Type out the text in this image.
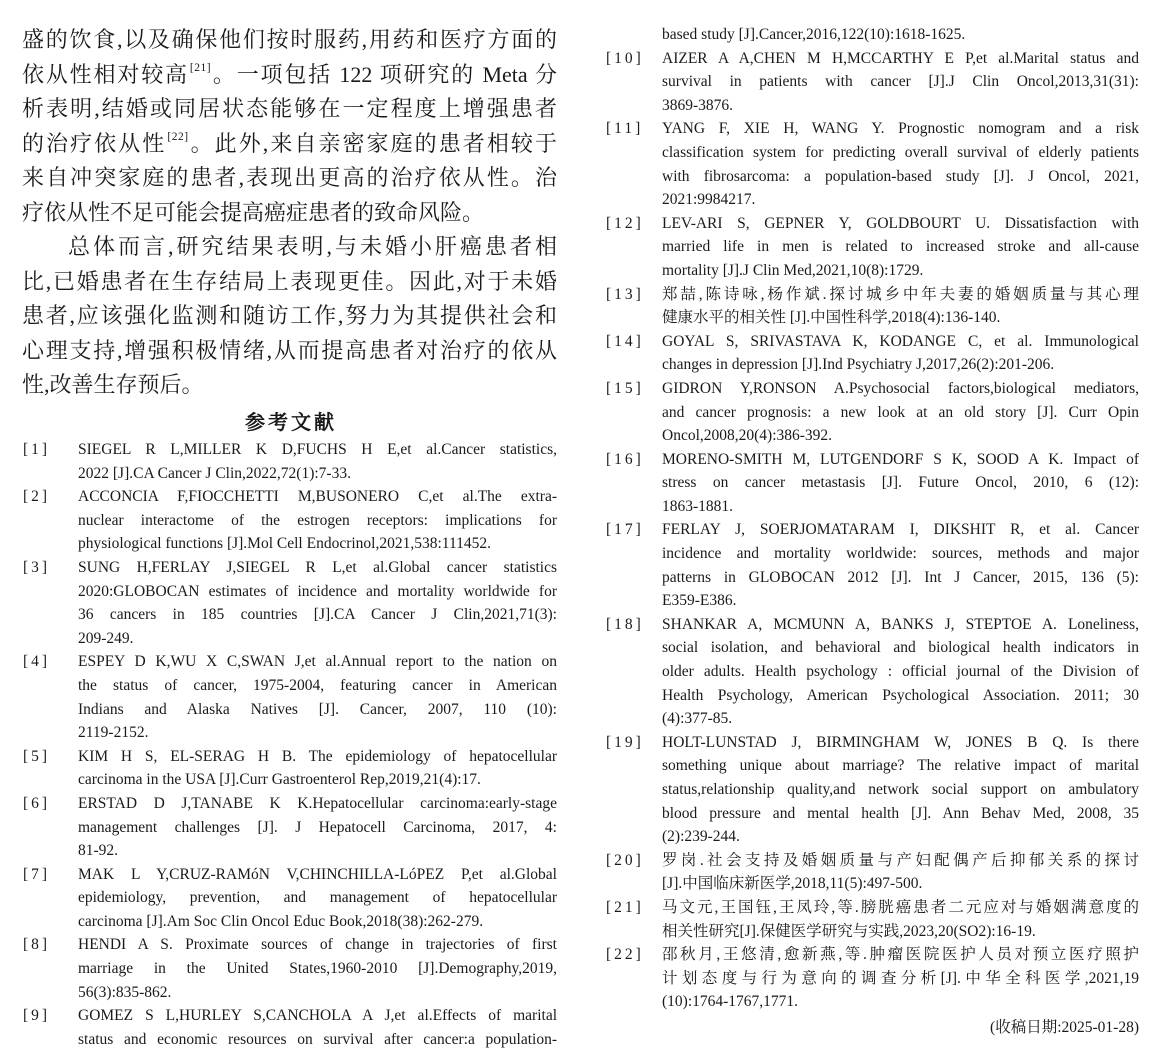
盛的饮食,以及确保他们按时服药,用药和医疗方面的
依从性相对较高[21]。一项包括 122 项研究的 Meta 分
析表明,结婚或同居状态能够在一定程度上增强患者
的治疗依从性[22]。此外,来自亲密家庭的患者相较于
来自冲突家庭的患者,表现出更高的治疗依从性。治
疗依从性不足可能会提高癌症患者的致命风险。
总体而言,研究结果表明,与未婚小肝癌患者相
比,已婚患者在生存结局上表现更佳。因此,对于未婚
患者,应该强化监测和随访工作,努力为其提供社会和
心理支持,增强积极情绪,从而提高患者对治疗的依从
性,改善生存预后。
参考文献
[1] SIEGEL R L,MILLER K D,FUCHS H E,et al.Cancer statistics,
2022 [J].CA Cancer J Clin,2022,72(1):7-33.
[2] ACCONCIA F,FIOCCHETTI M,BUSONERO C,et al.The extra-
nuclear interactome of the estrogen receptors: implications for
physiological functions [J].Mol Cell Endocrinol,2021,538:111452.
[3] SUNG H,FERLAY J,SIEGEL R L,et al.Global cancer statistics
2020:GLOBOCAN estimates of incidence and mortality worldwide for
36 cancers in 185 countries [J].CA Cancer J Clin,2021,71(3):
209-249.
[4] ESPEY D K,WU X C,SWAN J,et al.Annual report to the nation on
the status of cancer, 1975-2004, featuring cancer in American
Indians and Alaska Natives [J]. Cancer, 2007, 110 (10):
2119-2152.
[5] KIM H S, EL-SERAG H B. The epidemiology of hepatocellular
carcinoma in the USA [J].Curr Gastroenterol Rep,2019,21(4):17.
[6] ERSTAD D J,TANABE K K.Hepatocellular carcinoma:early-stage
management challenges [J]. J Hepatocell Carcinoma, 2017, 4:
81-92.
[7] MAK L Y,CRUZ-RAMóN V,CHINCHILLA-LóPEZ P,et al.Global
epidemiology, prevention, and management of hepatocellular
carcinoma [J].Am Soc Clin Oncol Educ Book,2018(38):262-279.
[8] HENDI A S. Proximate sources of change in trajectories of first
marriage in the United States,1960-2010 [J].Demography,2019,
56(3):835-862.
[9] GOMEZ S L,HURLEY S,CANCHOLA A J,et al.Effects of marital
status and economic resources on survival after cancer:a population-
based study [J].Cancer,2016,122(10):1618-1625.
[10] AIZER A A,CHEN M H,MCCARTHY E P,et al.Marital status and
survival in patients with cancer [J].J Clin Oncol,2013,31(31):
3869-3876.
[11] YANG F, XIE H, WANG Y. Prognostic nomogram and a risk
classification system for predicting overall survival of elderly patients
with fibrosarcoma: a population-based study [J]. J Oncol, 2021,
2021:9984217.
[12] LEV-ARI S, GEPNER Y, GOLDBOURT U. Dissatisfaction with
married life in men is related to increased stroke and all-cause
mortality [J].J Clin Med,2021,10(8):1729.
[13] 郑喆,陈诗咏,杨作斌.探讨城乡中年夫妻的婚姻质量与其心理
健康水平的相关性 [J].中国性科学,2018(4):136-140.
[14] GOYAL S, SRIVASTAVA K, KODANGE C, et al. Immunological
changes in depression [J].Ind Psychiatry J,2017,26(2):201-206.
[15] GIDRON Y,RONSON A.Psychosocial factors,biological mediators,
and cancer prognosis: a new look at an old story [J]. Curr Opin
Oncol,2008,20(4):386-392.
[16] MORENO-SMITH M, LUTGENDORF S K, SOOD A K. Impact of
stress on cancer metastasis [J]. Future Oncol, 2010, 6 (12):
1863-1881.
[17] FERLAY J, SOERJOMATARAM I, DIKSHIT R, et al. Cancer
incidence and mortality worldwide: sources, methods and major
patterns in GLOBOCAN 2012 [J]. Int J Cancer, 2015, 136 (5):
E359-E386.
[18] SHANKAR A, MCMUNN A, BANKS J, STEPTOE A. Loneliness,
social isolation, and behavioral and biological health indicators in
older adults. Health psychology : official journal of the Division of
Health Psychology, American Psychological Association. 2011; 30
(4):377-85.
[19] HOLT-LUNSTAD J, BIRMINGHAM W, JONES B Q. Is there
something unique about marriage? The relative impact of marital
status,relationship quality,and network social support on ambulatory
blood pressure and mental health [J]. Ann Behav Med, 2008, 35
(2):239-244.
[20] 罗岗.社会支持及婚姻质量与产妇配偶产后抑郁关系的探讨
[J].中国临床新医学,2018,11(5):497-500.
[21] 马文元,王国钰,王凤玲,等.膀胱癌患者二元应对与婚姻满意度的
相关性研究[J].保健医学研究与实践,2023,20(SO2):16-19.
[22] 邵秋月,王悠清,愈新燕,等.肿瘤医院医护人员对预立医疗照护
计划态度与行为意向的调查分析[J].中华全科医学,2021,19
(10):1764-1767,1771.
(收稿日期:2025-01-28)
